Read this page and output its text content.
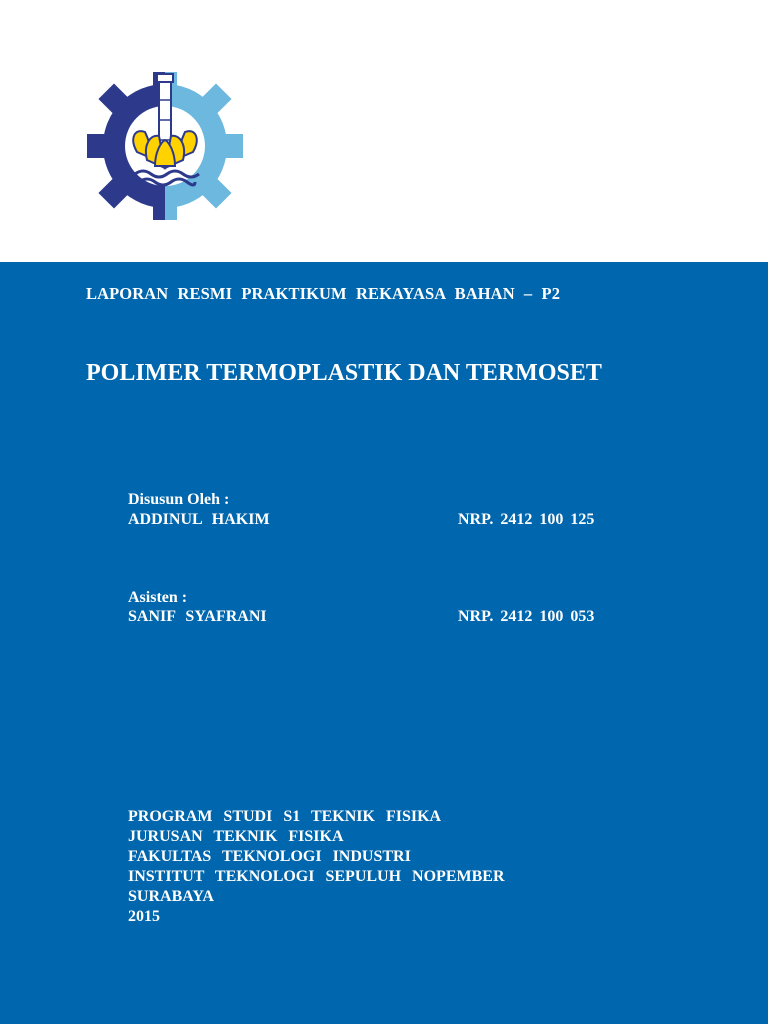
LAPORAN RESMI PRAKTIKUM REKAYASA BAHAN – P2
POLIMER TERMOPLASTIK DAN TERMOSET
Disusun Oleh :
ADDINUL HAKIM	NRP. 2412 100 125
Asisten :
SANIF SYAFRANI	NRP. 2412 100 053
PROGRAM STUDI S1 TEKNIK FISIKA
JURUSAN TEKNIK FISIKA
FAKULTAS TEKNOLOGI INDUSTRI
INSTITUT TEKNOLOGI SEPULUH NOPEMBER
SURABAYA
2015
